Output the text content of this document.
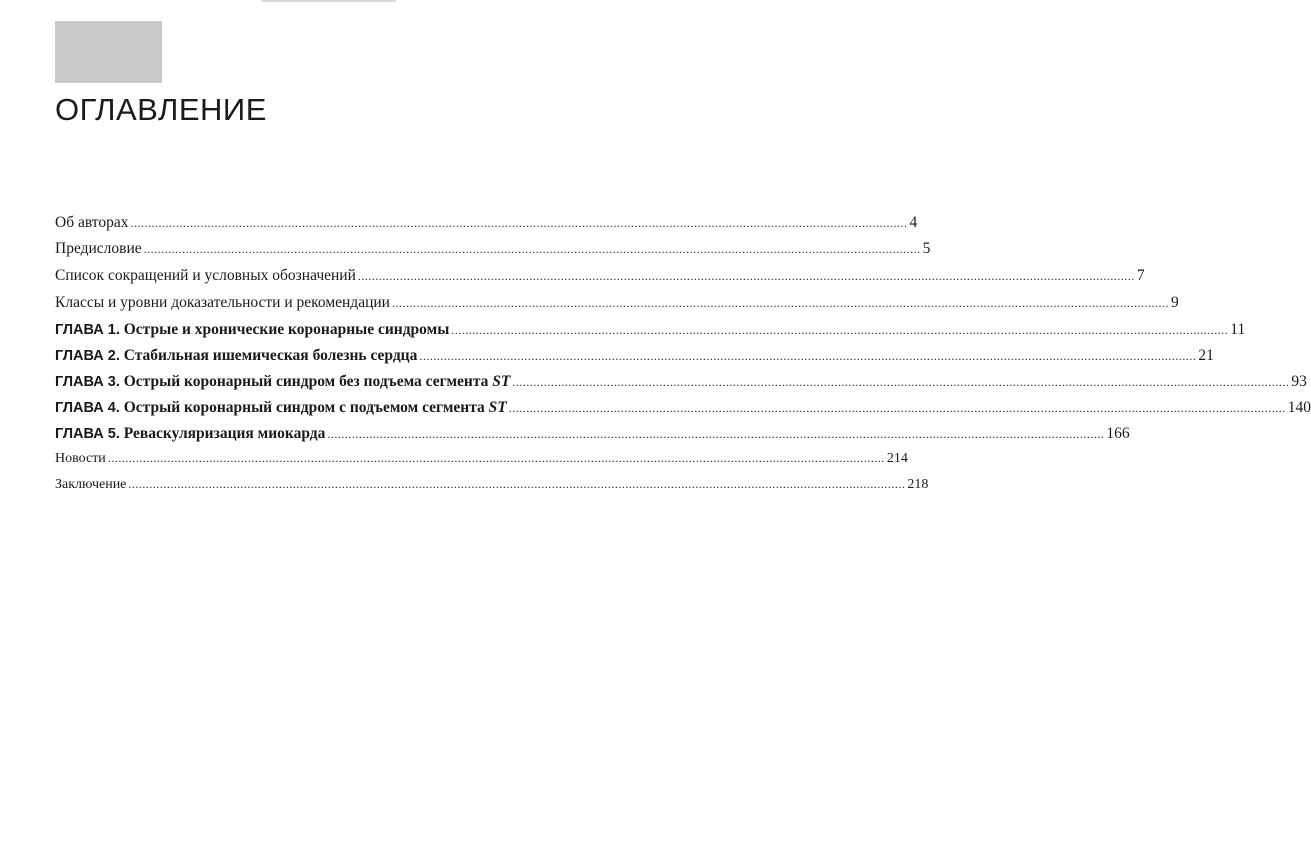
ОГЛАВЛЕНИЕ
Об авторах .............................................................................................................................................................................................................................. 4
Предисловие .............................................................................................................................................................................................................................. 5
Список сокращений и условных обозначений .............................................................................................................................................................................................................................. 7
Классы и уровни доказательности и рекомендации .............................................................................................................................................................................................................................. 9
ГЛАВА 1. Острые и хронические коронарные синдромы .............................................................................................................................................................................................................................. 11
ГЛАВА 2. Стабильная ишемическая болезнь сердца .............................................................................................................................................................................................................................. 21
ГЛАВА 3. Острый коронарный синдром без подъема сегмента ST .............................................................................................................................................................................................................................. 93
ГЛАВА 4. Острый коронарный синдром с подъемом сегмента ST .............................................................................................................................................................................................................................. 140
ГЛАВА 5. Реваскуляризация миокарда .............................................................................................................................................................................................................................. 166
Новости .............................................................................................................................................................................................................................. 214
Заключение .............................................................................................................................................................................................................................. 218
